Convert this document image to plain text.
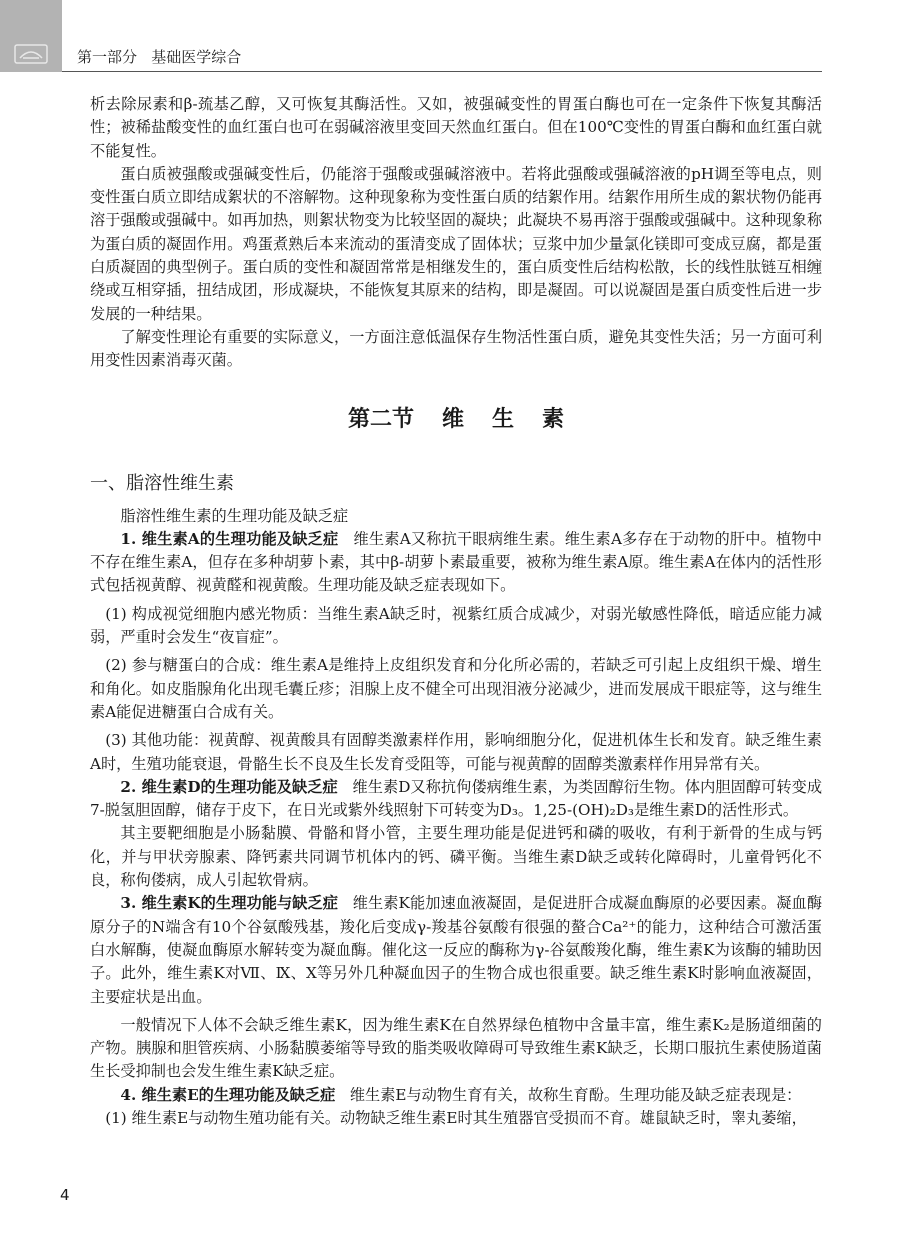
第一部分   基础医学综合

析去除尿素和β-巯基乙醇，又可恢复其酶活性。又如，被强碱变性的胃蛋白酶也可在一定条件下恢复其酶活性；被稀盐酸变性的血红蛋白也可在弱碱溶液里变回天然血红蛋白。但在100℃变性的胃蛋白酶和血红蛋白就不能复性。

蛋白质被强酸或强碱变性后，仍能溶于强酸或强碱溶液中。若将此强酸或强碱溶液的pH调至等电点，则变性蛋白质立即结成絮状的不溶解物。这种现象称为变性蛋白质的结絮作用。结絮作用所生成的絮状物仍能再溶于强酸或强碱中。如再加热，则絮状物变为比较坚固的凝块；此凝块不易再溶于强酸或强碱中。这种现象称为蛋白质的凝固作用。鸡蛋煮熟后本来流动的蛋清变成了固体状；豆浆中加少量氯化镁即可变成豆腐，都是蛋白质凝固的典型例子。蛋白质的变性和凝固常常是相继发生的，蛋白质变性后结构松散，长的线性肽链互相缠绕或互相穿插，扭结成团，形成凝块，不能恢复其原来的结构，即是凝固。可以说凝固是蛋白质变性后进一步发展的一种结果。

了解变性理论有重要的实际意义，一方面注意低温保存生物活性蛋白质，避免其变性失活；另一方面可利用变性因素消毒灭菌。

第二节 维 生 素
一、脂溶性维生素

脂溶性维生素的生理功能及缺乏症

1. 维生素A的生理功能及缺乏症 维生素A又称抗干眼病维生素。维生素A多存在于动物的肝中。植物中不存在维生素A，但存在多种胡萝卜素，其中β-胡萝卜素最重要，被称为维生素A原。维生素A在体内的活性形式包括视黄醇、视黄醛和视黄酸。生理功能及缺乏症表现如下。

(1) 构成视觉细胞内感光物质：当维生素A缺乏时，视紫红质合成减少，对弱光敏感性降低，暗适应能力减弱，严重时会发生“夜盲症”。

(2) 参与糖蛋白的合成：维生素A是维持上皮组织发育和分化所必需的，若缺乏可引起上皮组织干燥、增生和角化。如皮脂腺角化出现毛囊丘疹；泪腺上皮不健全可出现泪液分泌减少，进而发展成干眼症等，这与维生素A能促进糖蛋白合成有关。

(3) 其他功能：视黄醇、视黄酸具有固醇类激素样作用，影响细胞分化，促进机体生长和发育。缺乏维生素A时，生殖功能衰退，骨骼生长不良及生长发育受阻等，可能与视黄醇的固醇类激素样作用异常有关。

2. 维生素D的生理功能及缺乏症 维生素D又称抗佝偻病维生素，为类固醇衍生物。体内胆固醇可转变成7-脱氢胆固醇，储存于皮下，在日光或紫外线照射下可转变为D₃。1,25-(OH)₂D₃是维生素D的活性形式。

其主要靶细胞是小肠黏膜、骨骼和肾小管，主要生理功能是促进钙和磷的吸收，有利于新骨的生成与钙化，并与甲状旁腺素、降钙素共同调节机体内的钙、磷平衡。当维生素D缺乏或转化障碍时，儿童骨钙化不良，称佝偻病，成人引起软骨病。

3. 维生素K的生理功能与缺乏症 维生素K能加速血液凝固，是促进肝合成凝血酶原的必要因素。凝血酶原分子的N端含有10个谷氨酸残基，羧化后变成γ-羧基谷氨酸有很强的螯合Ca²⁺的能力，这种结合可激活蛋白水解酶，使凝血酶原水解转变为凝血酶。催化这一反应的酶称为γ-谷氨酸羧化酶，维生素K为该酶的辅助因子。此外，维生素K对Ⅶ、Ⅸ、Ⅹ等另外几种凝血因子的生物合成也很重要。缺乏维生素K时影响血液凝固，主要症状是出血。

一般情况下人体不会缺乏维生素K，因为维生素K在自然界绿色植物中含量丰富，维生素K₂是肠道细菌的产物。胰腺和胆管疾病、小肠黏膜萎缩等导致的脂类吸收障碍可导致维生素K缺乏，长期口服抗生素使肠道菌生长受抑制也会发生维生素K缺乏症。

4. 维生素E的生理功能及缺乏症 维生素E与动物生育有关，故称生育酚。生理功能及缺乏症表现是：

(1) 维生素E与动物生殖功能有关。动物缺乏维生素E时其生殖器官受损而不育。雄鼠缺乏时，睾丸萎缩，

4
